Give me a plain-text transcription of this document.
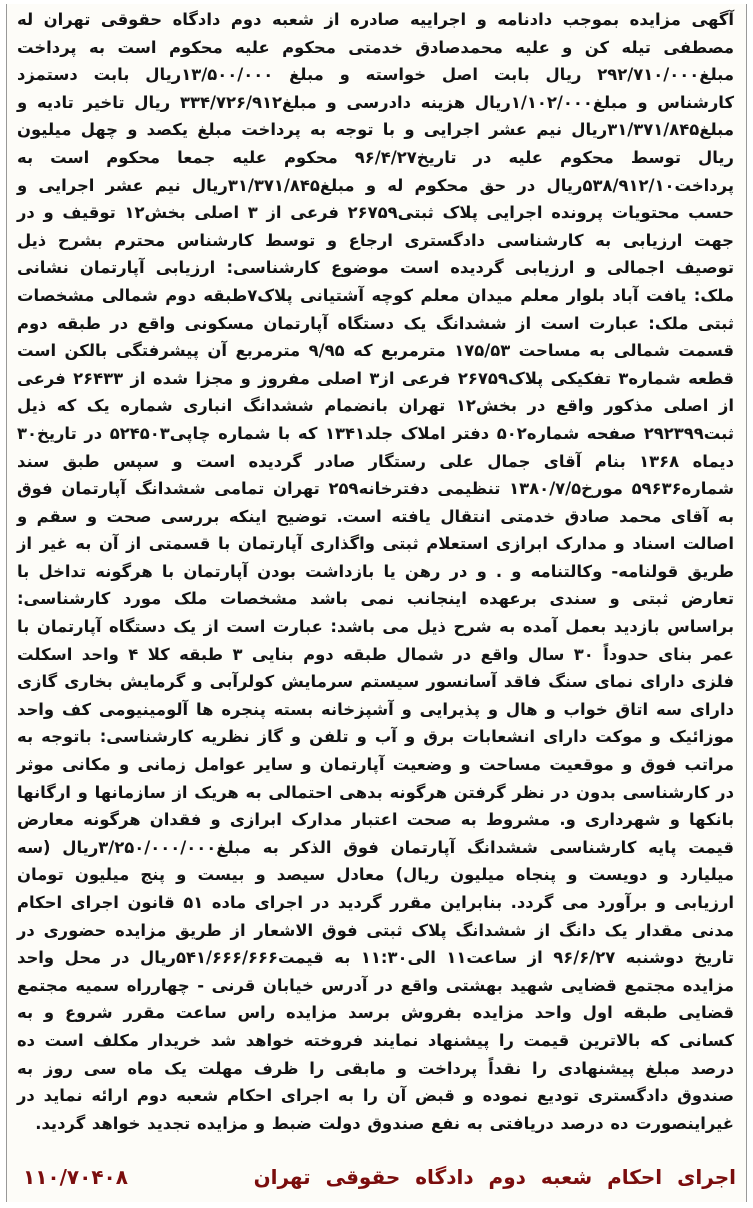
آگهی مزایده بموجب دادنامه و اجراییه صادره از شعبه دوم دادگاه حقوقی تهران له مصطفی تیله کن و علیه محمدصادق خدمتی محکوم علیه محکوم است به پرداخت مبلغ۲۹۲/۷۱۰/۰۰۰ ریال بابت اصل خواسته و مبلغ ۱۳/۵۰۰/۰۰۰ریال بابت دستمزد کارشناس و مبلغ۱/۱۰۲/۰۰۰ریال هزینه دادرسی و مبلغ۳۳۴/۷۲۶/۹۱۲ ریال تاخیر تادیه و مبلغ۳۱/۳۷۱/۸۴۵ریال نیم عشر اجرایی و با توجه به پرداخت مبلغ یکصد و چهل میلیون ریال توسط محکوم علیه در تاریخ۹۶/۴/۲۷ محکوم علیه جمعا محکوم است به پرداخت۵۳۸/۹۱۲/۱۰ریال در حق محکوم له و مبلغ۳۱/۳۷۱/۸۴۵ریال نیم عشر اجرایی و حسب محتویات پرونده اجرایی پلاک ثبتی۲۶۷۵۹ فرعی از ۳ اصلی بخش۱۲ توقیف و در جهت ارزیابی به کارشناسی دادگستری ارجاع و توسط کارشناس محترم بشرح ذیل توصیف اجمالی و ارزیابی گردیده است موضوع کارشناسی: ارزیابی آپارتمان نشانی ملک: یافت آباد بلوار معلم میدان معلم کوچه آشتیانی پلاک۷طبقه دوم شمالی مشخصات ثبتی ملک: عبارت است از ششدانگ یک دستگاه آپارتمان مسکونی واقع در طبقه دوم قسمت شمالی به مساحت ۱۷۵/۵۳ مترمربع که ۹/۹۵ مترمربع آن پیشرفتگی بالکن است قطعه شماره۳ تفکیکی پلاک۲۶۷۵۹ فرعی از۳ اصلی مفروز و مجزا شده از ۲۶۴۳۳ فرعی از اصلی مذکور واقع در بخش۱۲ تهران بانضمام ششدانگ انباری شماره یک که ذیل ثبت۲۹۲۳۹۹ صفحه شماره۵۰۲ دفتر املاک جلد۱۳۴۱ که با شماره چاپی۵۲۴۵۰۳ در تاریخ۳۰ دیماه ۱۳۶۸ بنام آقای جمال علی رستگار صادر گردیده است و سپس طبق سند شماره۵۹۶۳۶ مورخ۱۳۸۰/۷/۵ تنظیمی دفترخانه۲۵۹ تهران تمامی ششدانگ آپارتمان فوق به آقای محمد صادق خدمتی انتقال یافته است. توضیح اینکه بررسی صحت و سقم و اصالت اسناد و مدارک ابرازی استعلام ثبتی واگذاری آپارتمان با قسمتی از آن به غیر از طریق قولنامه- وکالتنامه و . و در رهن یا بازداشت بودن آپارتمان با هرگونه تداخل با تعارض ثبتی و سندی برعهده اینجانب نمی باشد مشخصات ملک مورد کارشناسی: براساس بازدید بعمل آمده به شرح ذیل می باشد: عبارت است از یک دستگاه آپارتمان با عمر بنای حدوداً ۳۰ سال واقع در شمال طبقه دوم بنایی ۳ طبقه کلا ۴ واحد اسکلت فلزی دارای نمای سنگ فاقد آسانسور سیستم سرمایش کولرآبی و گرمایش بخاری گازی دارای سه اتاق خواب و هال و پذیرایی و آشپزخانه بسته پنجره ها آلومینیومی کف واحد موزائیک و موکت دارای انشعابات برق و آب و تلفن و گاز نظریه کارشناسی: باتوجه به مراتب فوق و موقعیت مساحت و وضعیت آپارتمان و سایر عوامل زمانی و مکانی موثر در کارشناسی بدون در نظر گرفتن هرگونه بدهی احتمالی به هریک از سازمانها و ارگانها بانکها و شهرداری و. مشروط به صحت اعتبار مدارک ابرازی و فقدان هرگونه معارض قیمت پایه کارشناسی ششدانگ آپارتمان فوق الذکر به مبلغ۳/۲۵۰/۰۰۰/۰۰۰ریال (سه میلیارد و دویست و پنجاه میلیون ریال) معادل سیصد و بیست و پنج میلیون تومان ارزیابی و برآورد می گردد. بنابراین مقرر گردید در اجرای ماده ۵۱ قانون اجرای احکام مدنی مقدار یک دانگ از ششدانگ پلاک ثبتی فوق الاشعار از طریق مزایده حضوری در تاریخ دوشنبه ۹۶/۶/۲۷ از ساعت۱۱ الی۱۱:۳۰ به قیمت۵۴۱/۶۶۶/۶۶۶ریال در محل واحد مزایده مجتمع قضایی شهید بهشتی واقع در آدرس خیابان قرنی - چهارراه سمیه مجتمع قضایی طبقه اول واحد مزایده بفروش برسد مزایده راس ساعت مقرر شروع و به کسانی که بالاترین قیمت را پیشنهاد نمایند فروخته خواهد شد خریدار مکلف است ده درصد مبلغ پیشنهادی را نقداً پرداخت و مابقی را ظرف مهلت یک ماه سی روز به صندوق دادگستری تودیع نموده و قبض آن را به اجرای احکام شعبه دوم ارائه نماید در غیراینصورت ده درصد دریافتی به نفع صندوق دولت ضبط و مزایده تجدید خواهد گردید.
اجرای احکام شعبه دوم دادگاه حقوقی تهران
۱۱۰/۷۰۴۰۸
